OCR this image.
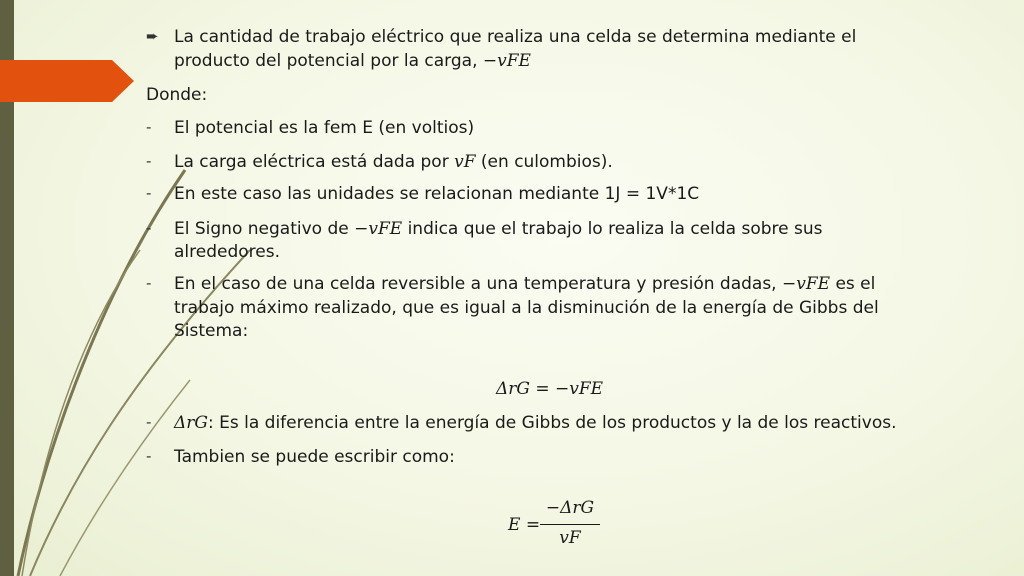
➨ La cantidad de trabajo eléctrico que realiza una celda se determina mediante el
producto del potencial por la carga, −vFE
Donde:
- El potencial es la fem E (en voltios)
- La carga eléctrica está dada por vF (en culombios).
- En este caso las unidades se relacionan mediante 1J = 1V*1C
- El Signo negativo de −vFE indica que el trabajo lo realiza la celda sobre sus
alrededores.
- En el caso de una celda reversible a una temperatura y presión dadas, −vFE es el
trabajo máximo realizado, que es igual a la disminución de la energía de Gibbs del
Sistema:
ΔrG = −vFE
- ΔrG: Es la diferencia entre la energía de Gibbs de los productos y la de los reactivos.
- Tambien se puede escribir como:
E =
−ΔrG
vF
